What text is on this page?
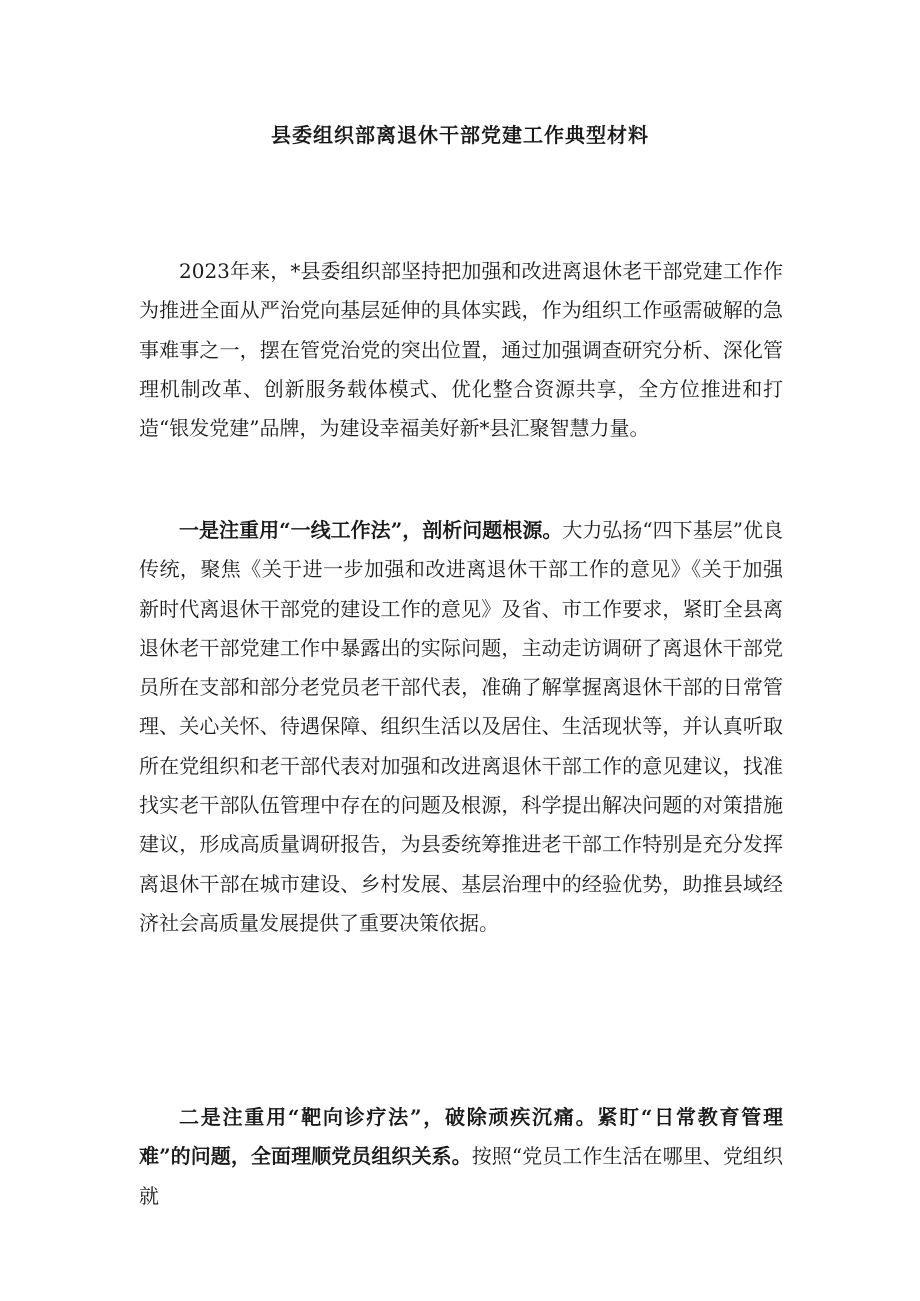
县委组织部离退休干部党建工作典型材料

2023年来，*县委组织部坚持把加强和改进离退休老干部党建工作作为推进全面从严治党向基层延伸的具体实践，作为组织工作亟需破解的急事难事之一，摆在管党治党的突出位置，通过加强调查研究分析、深化管理机制改革、创新服务载体模式、优化整合资源共享，全方位推进和打造“银发党建”品牌，为建设幸福美好新*县汇聚智慧力量。

一是注重用“一线工作法”，剖析问题根源。大力弘扬“四下基层”优良传统，聚焦《关于进一步加强和改进离退休干部工作的意见》《关于加强新时代离退休干部党的建设工作的意见》及省、市工作要求，紧盯全县离退休老干部党建工作中暴露出的实际问题，主动走访调研了离退休干部党员所在支部和部分老党员老干部代表，准确了解掌握离退休干部的日常管理、关心关怀、待遇保障、组织生活以及居住、生活现状等，并认真听取所在党组织和老干部代表对加强和改进离退休干部工作的意见建议，找准找实老干部队伍管理中存在的问题及根源，科学提出解决问题的对策措施建议，形成高质量调研报告，为县委统筹推进老干部工作特别是充分发挥离退休干部在城市建设、乡村发展、基层治理中的经验优势，助推县域经济社会高质量发展提供了重要决策依据。

二是注重用“靶向诊疗法”，破除顽疾沉痛。紧盯“日常教育管理难”的问题，全面理顺党员组织关系。按照“党员工作生活在哪里、党组织就
